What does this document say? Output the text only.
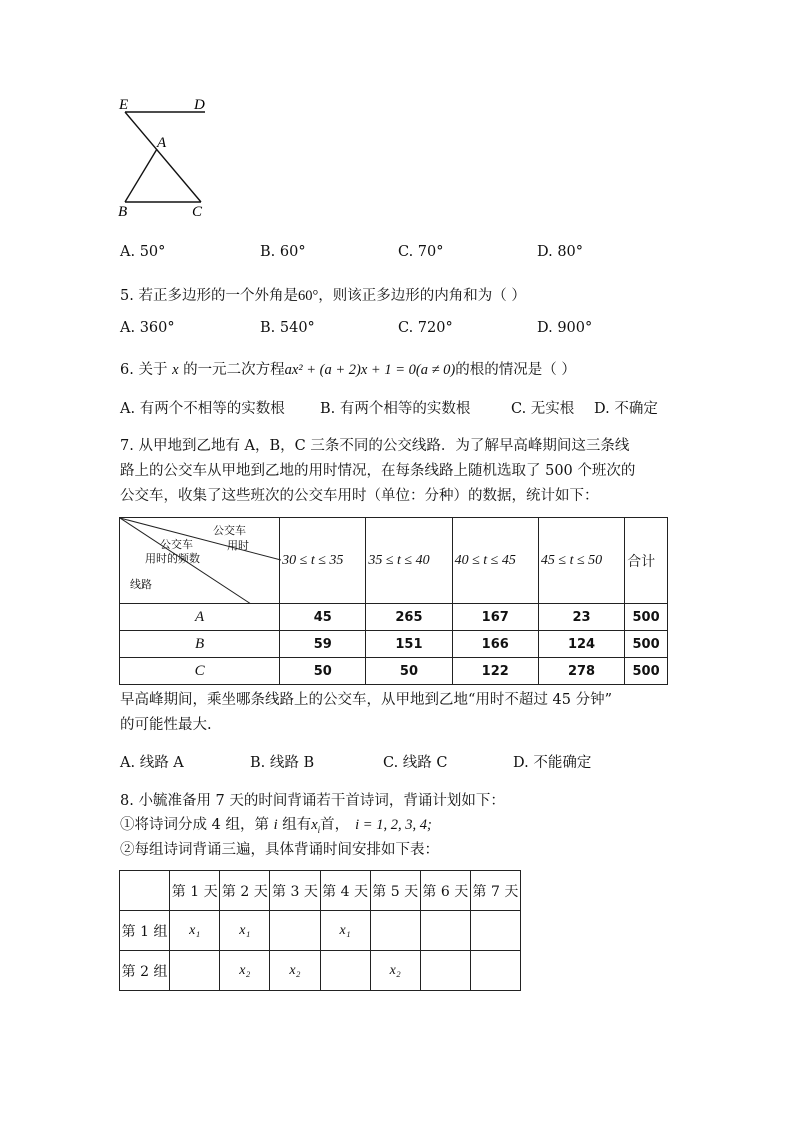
E	D
A
B	C
A. 50°	B. 60°	C. 70°	D. 80°
5. 若正多边形的一个外角是60°，则该正多边形的内角和为（ ）
A. 360°	B. 540°	C. 720°	D. 900°
6. 关于 x 的一元二次方程ax² + (a + 2)x + 1 = 0(a ≠ 0)的根的情况是（ ）
A. 有两个不相等的实数根 B. 有两个相等的实数根	C. 无实根 D. 不确定
7. 从甲地到乙地有 A，B，C 三条不同的公交线路．为了解早高峰期间这三条线
路上的公交车从甲地到乙地的用时情况，在每条线路上随机选取了 500 个班次的
公交车，收集了这些班次的公交车用时（单位：分种）的数据，统计如下：
公交车
用时
公交车
用时的频数
线路	30 ≤ t ≤ 35	35 ≤ t ≤ 40	40 ≤ t ≤ 45	45 ≤ t ≤ 50	合计
A	45	265	167	23	500
B	59	151	166	124	500
C	50	50	122	278	500
早高峰期间，乘坐哪条线路上的公交车，从甲地到乙地“用时不超过 45 分钟”
的可能性最大.
A. 线路 A	B. 线路 B	C. 线路 C	D. 不能确定
8. 小毓准备用 7 天的时间背诵若干首诗词，背诵计划如下：
①将诗词分成 4 组，第 i 组有$x_i$首， i = 1, 2, 3, 4;
②每组诗词背诵三遍，具体背诵时间安排如下表：
	第 1 天	第 2 天	第 3 天	第 4 天	第 5 天	第 6 天	第 7 天
第 1 组	x₁	x₁		x₁			
第 2 组		x₂	x₂		x₂		
